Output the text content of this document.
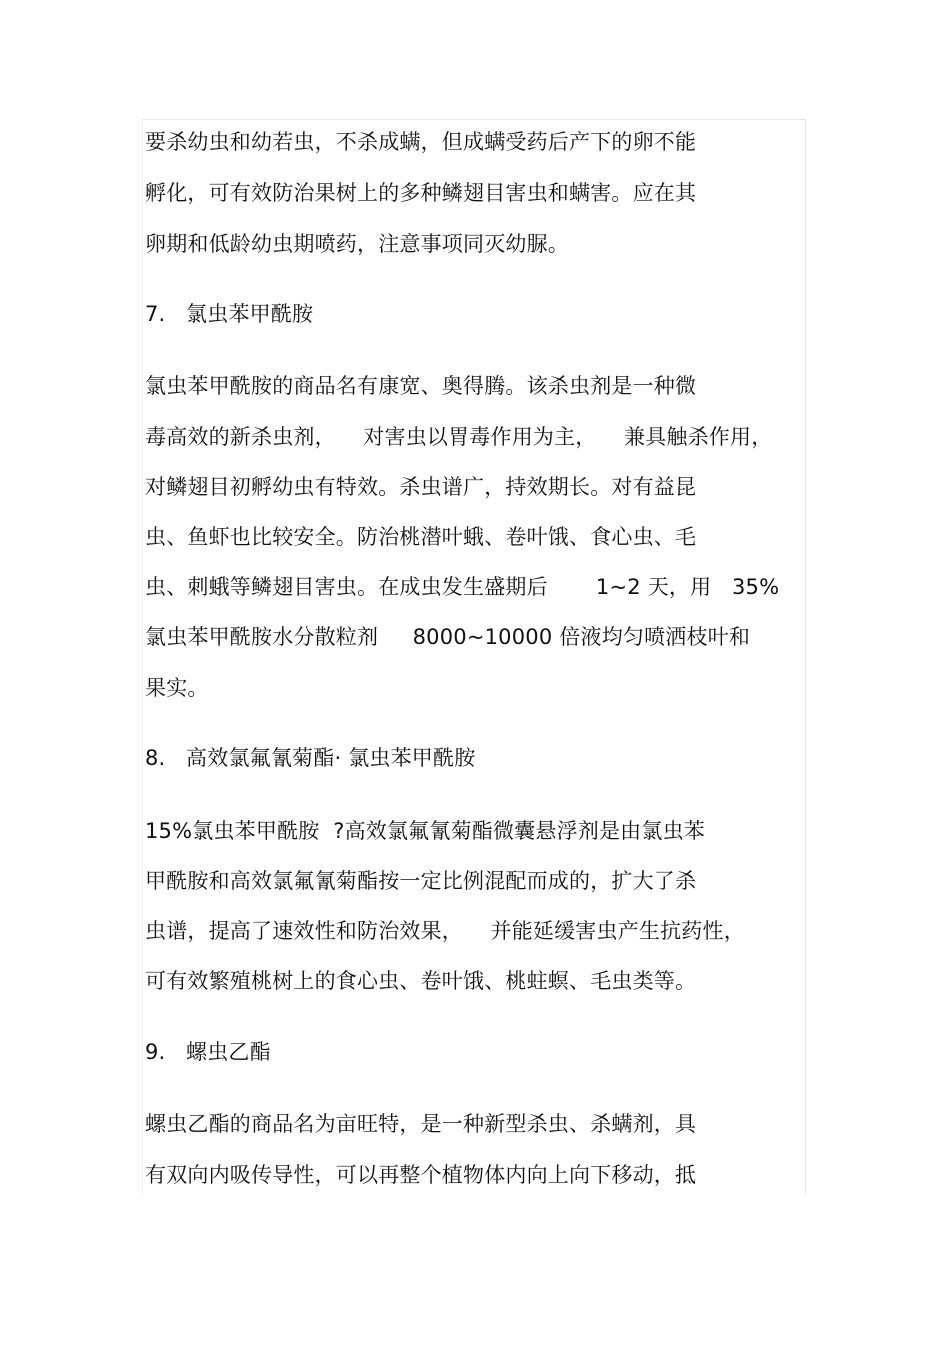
要杀幼虫和幼若虫，不杀成螨，但成螨受药后产下的卵不能
孵化，可有效防治果树上的多种鳞翅目害虫和螨害。应在其
卵期和低龄幼虫期喷药，注意事项同灭幼脲。
7.   氯虫苯甲酰胺
氯虫苯甲酰胺的商品名有康宽、奥得腾。该杀虫剂是一种微
毒高效的新杀虫剂，    对害虫以胃毒作用为主，    兼具触杀作用，
对鳞翅目初孵幼虫有特效。杀虫谱广，持效期长。对有益昆
虫、鱼虾也比较安全。防治桃潜叶蛾、卷叶饿、食心虫、毛
虫、刺蛾等鳞翅目害虫。在成虫发生盛期后       1~2 天，用   35%
氯虫苯甲酰胺水分散粒剂     8000~10000 倍液均匀喷洒枝叶和
果实。
8.   高效氯氟氰菊酯· 氯虫苯甲酰胺
15%氯虫苯甲酰胺  ?高效氯氟氰菊酯微囊悬浮剂是由氯虫苯
甲酰胺和高效氯氟氰菊酯按一定比例混配而成的，扩大了杀
虫谱，提高了速效性和防治效果，    并能延缓害虫产生抗药性，
可有效繁殖桃树上的食心虫、卷叶饿、桃蛀螟、毛虫类等。
9.   螺虫乙酯
螺虫乙酯的商品名为亩旺特，是一种新型杀虫、杀螨剂，具
有双向内吸传导性，可以再整个植物体内向上向下移动，抵
